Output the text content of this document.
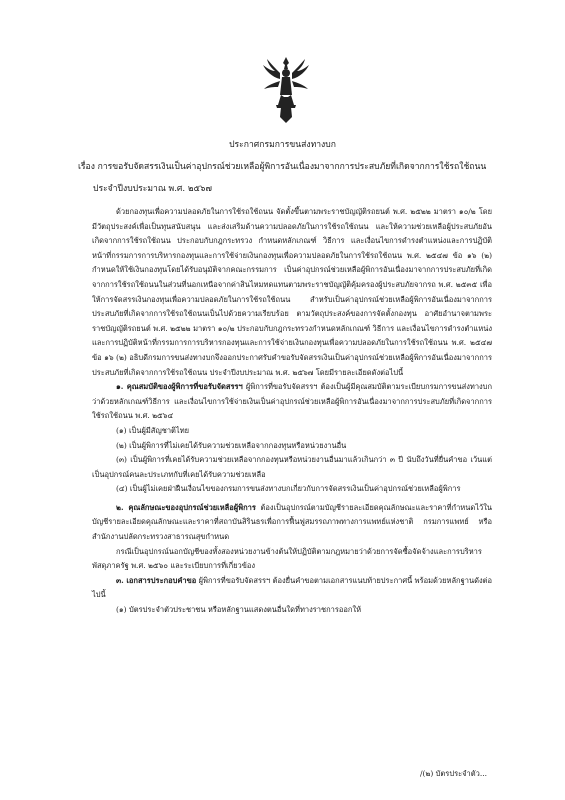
ประกาศกรมการขนส่งทางบก
เรื่อง การขอรับจัดสรรเงินเป็นค่าอุปกรณ์ช่วยเหลือผู้พิการอันเนื่องมาจากการประสบภัยที่เกิดจากการใช้รถใช้ถนน
ประจำปีงบประมาณ พ.ศ. ๒๕๖๗

ด้วยกองทุนเพื่อความปลอดภัยในการใช้รถใช้ถนน จัดตั้งขึ้นตามพระราชบัญญัติรถยนต์ พ.ศ. ๒๕๒๒ มาตรา ๑๐/๒ โดยมีวัตถุประสงค์เพื่อเป็นทุนสนับสนุน และส่งเสริมด้านความปลอดภัยในการใช้รถใช้ถนน และให้ความช่วยเหลือผู้ประสบภัยอันเกิดจากการใช้รถใช้ถนน ประกอบกับกฎกระทรวง กำหนดหลักเกณฑ์ วิธีการ และเงื่อนไขการดำรงตำแหน่งและการปฏิบัติหน้าที่กรรมการการบริหารกองทุนและการใช้จ่ายเงินกองทุนเพื่อความปลอดภัยในการใช้รถใช้ถนน พ.ศ. ๒๕๔๗ ข้อ ๑๖ (๒) กำหนดให้ใช้เงินกองทุนโดยได้รับอนุมัติจากคณะกรรมการ เป็นค่าอุปกรณ์ช่วยเหลือผู้พิการอันเนื่องมาจากการประสบภัยที่เกิดจากการใช้รถใช้ถนนในส่วนที่นอกเหนือจากค่าสินไหมทดแทนตามพระราชบัญญัติคุ้มครองผู้ประสบภัยจากรถ พ.ศ. ๒๕๓๕ เพื่อให้การจัดสรรเงินกองทุนเพื่อความปลอดภัยในการใช้รถใช้ถนน สำหรับเป็นค่าอุปกรณ์ช่วยเหลือผู้พิการอันเนื่องมาจากการประสบภัยที่เกิดจากการใช้รถใช้ถนนเป็นไปด้วยความเรียบร้อย ตามวัตถุประสงค์ของการจัดตั้งกองทุน อาศัยอำนาจตามพระราชบัญญัติรถยนต์ พ.ศ. ๒๕๒๒ มาตรา ๑๐/๒ ประกอบกับกฎกระทรวงกำหนดหลักเกณฑ์ วิธีการ และเงื่อนไขการดำรงตำแหน่งและการปฏิบัติหน้าที่กรรมการการบริหารกองทุนและการใช้จ่ายเงินกองทุนเพื่อความปลอดภัยในการใช้รถใช้ถนน พ.ศ. ๒๕๔๗ ข้อ ๑๖ (๒) อธิบดีกรมการขนส่งทางบกจึงออกประกาศรับคำขอรับจัดสรรเงินเป็นค่าอุปกรณ์ช่วยเหลือผู้พิการอันเนื่องมาจากการประสบภัยที่เกิดจากการใช้รถใช้ถนน ประจำปีงบประมาณ พ.ศ. ๒๕๖๗ โดยมีรายละเอียดดังต่อไปนี้

๑. คุณสมบัติของผู้พิการที่ขอรับจัดสรรฯ ผู้พิการที่ขอรับจัดสรรฯ ต้องเป็นผู้มีคุณสมบัติตามระเบียบกรมการขนส่งทางบกว่าด้วยหลักเกณฑ์วิธีการ และเงื่อนไขการใช้จ่ายเงินเป็นค่าอุปกรณ์ช่วยเหลือผู้พิการอันเนื่องมาจากการประสบภัยที่เกิดจากการใช้รถใช้ถนน พ.ศ. ๒๕๖๔

(๑) เป็นผู้มีสัญชาติไทย

(๒) เป็นผู้พิการที่ไม่เคยได้รับความช่วยเหลือจากกองทุนหรือหน่วยงานอื่น

(๓) เป็นผู้พิการที่เคยได้รับความช่วยเหลือจากกองทุนหรือหน่วยงานอื่นมาแล้วเกินกว่า ๓ ปี นับถึงวันที่ยื่นคำขอ เว้นแต่เป็นอุปกรณ์คนละประเภทกับที่เคยได้รับความช่วยเหลือ

(๔) เป็นผู้ไม่เคยฝ่าฝืนเงื่อนไขของกรมการขนส่งทางบกเกี่ยวกับการจัดสรรเงินเป็นค่าอุปกรณ์ช่วยเหลือผู้พิการ

๒. คุณลักษณะของอุปกรณ์ช่วยเหลือผู้พิการ ต้องเป็นอุปกรณ์ตามบัญชีรายละเอียดคุณลักษณะและราคาที่กำหนดไว้ในบัญชีรายละเอียดคุณลักษณะและราคาที่สถาบันสิรินธรเพื่อการฟื้นฟูสมรรถภาพทางการแพทย์แห่งชาติ กรมการแพทย์ หรือสำนักงานปลัดกระทรวงสาธารณสุขกำหนด

กรณีเป็นอุปกรณ์นอกบัญชีของทั้งสองหน่วยงานข้างต้นให้ปฏิบัติตามกฎหมายว่าด้วยการจัดซื้อจัดจ้างและการบริหารพัสดุภาครัฐ พ.ศ. ๒๕๖๐ และระเบียบการที่เกี่ยวข้อง

๓. เอกสารประกอบคำขอ ผู้พิการที่ขอรับจัดสรรฯ ต้องยื่นคำขอตามเอกสารแนบท้ายประกาศนี้ พร้อมด้วยหลักฐานดังต่อไปนี้

(๑) บัตรประจำตัวประชาชน หรือหลักฐานแสดงตนอื่นใดที่ทางราชการออกให้

/(๒) บัตรประจำตัว...
